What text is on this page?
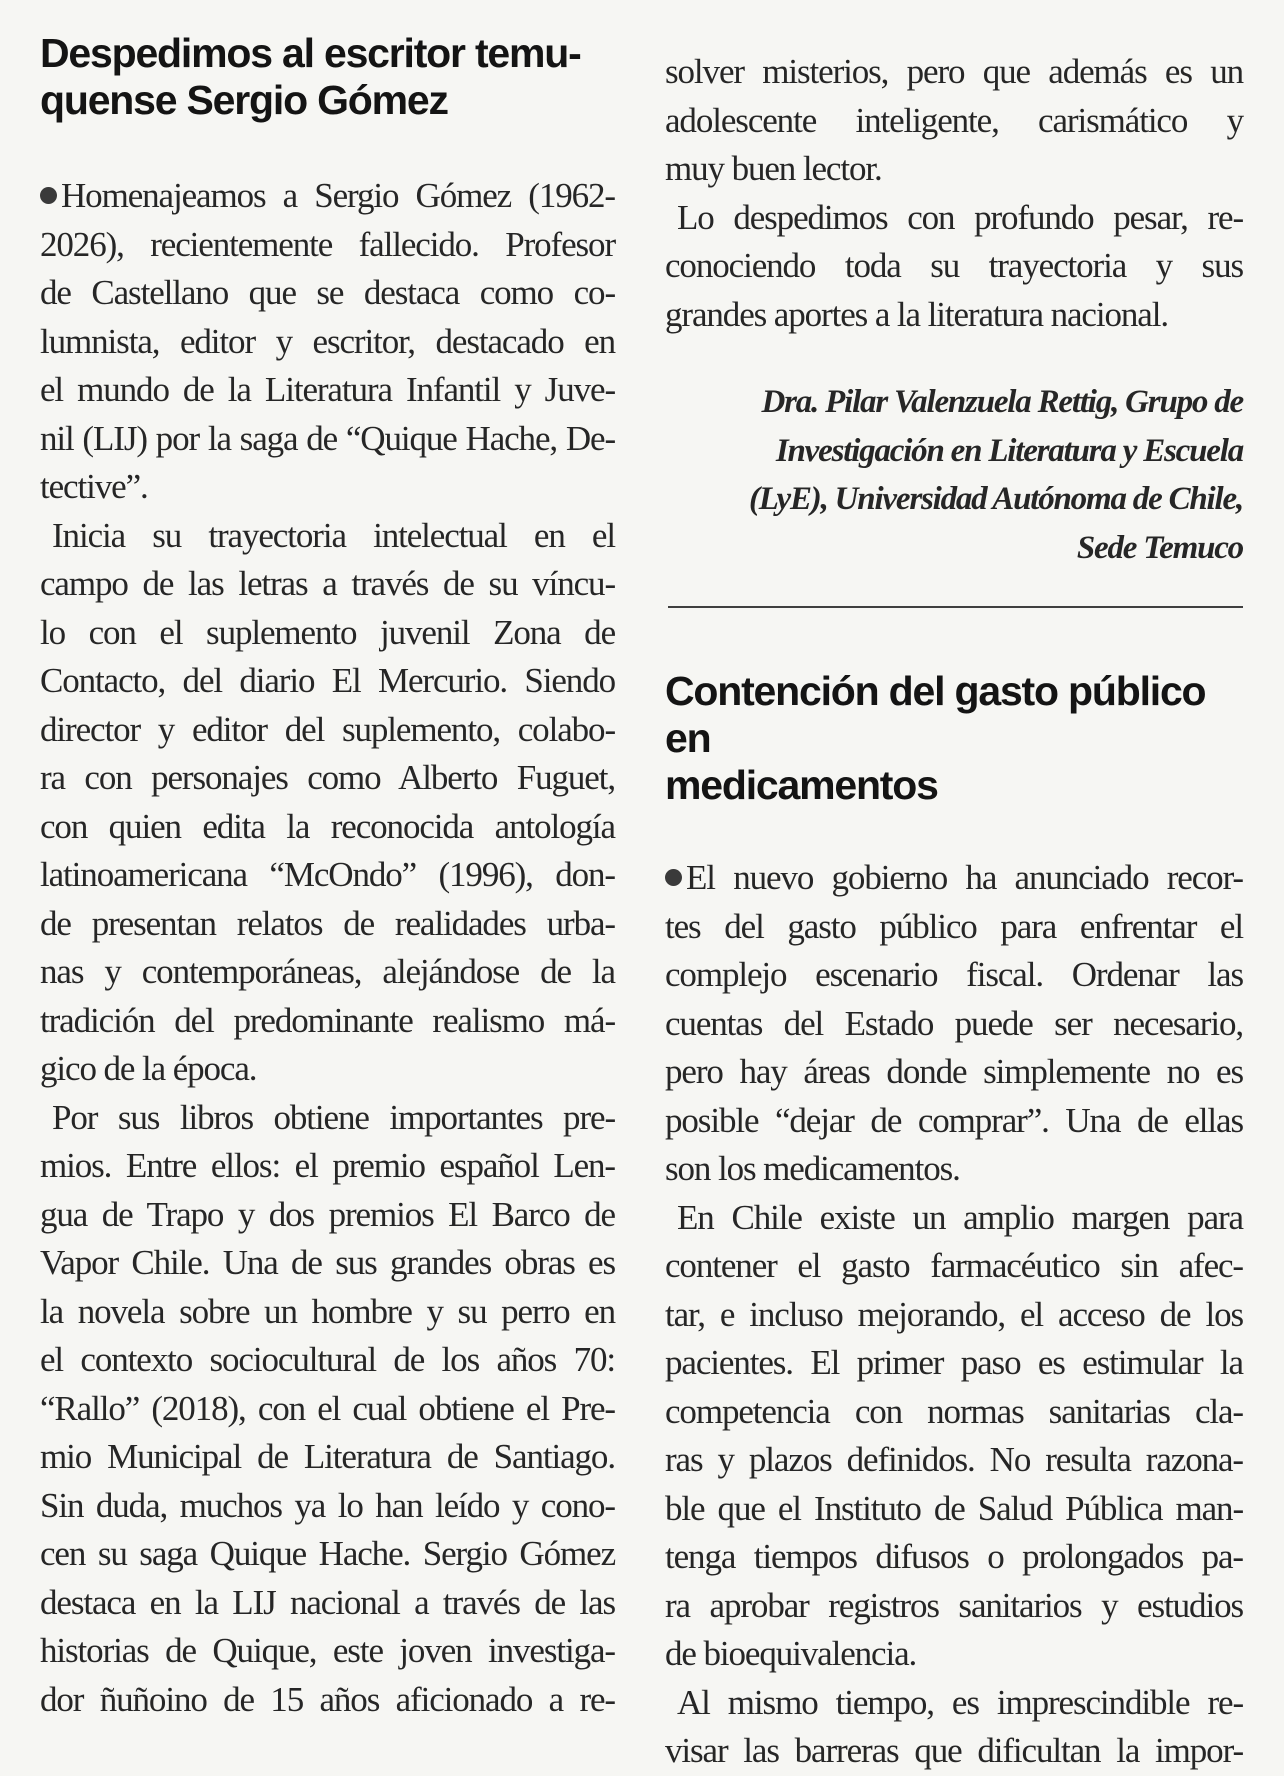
Despedimos al escritor temu-
quense Sergio Gómez
Homenajeamos a Sergio Gómez (1962-
2026), recientemente fallecido. Profesor
de Castellano que se destaca como co-
lumnista, editor y escritor, destacado en
el mundo de la Literatura Infantil y Juve-
nil (LIJ) por la saga de “Quique Hache, De-
tective”.
Inicia su trayectoria intelectual en el
campo de las letras a través de su víncu-
lo con el suplemento juvenil Zona de
Contacto, del diario El Mercurio. Siendo
director y editor del suplemento, colabo-
ra con personajes como Alberto Fuguet,
con quien edita la reconocida antología
latinoamericana “McOndo” (1996), don-
de presentan relatos de realidades urba-
nas y contemporáneas, alejándose de la
tradición del predominante realismo má-
gico de la época.
Por sus libros obtiene importantes pre-
mios. Entre ellos: el premio español Len-
gua de Trapo y dos premios El Barco de
Vapor Chile. Una de sus grandes obras es
la novela sobre un hombre y su perro en
el contexto sociocultural de los años 70:
“Rallo” (2018), con el cual obtiene el Pre-
mio Municipal de Literatura de Santiago.
Sin duda, muchos ya lo han leído y cono-
cen su saga Quique Hache. Sergio Gómez
destaca en la LIJ nacional a través de las
historias de Quique, este joven investiga-
dor ñuñoino de 15 años aficionado a re-
solver misterios, pero que además es un
adolescente inteligente, carismático y
muy buen lector.
Lo despedimos con profundo pesar, re-
conociendo toda su trayectoria y sus
grandes aportes a la literatura nacional.
Contención del gasto público en
medicamentos
El nuevo gobierno ha anunciado recor-
tes del gasto público para enfrentar el
complejo escenario fiscal. Ordenar las
cuentas del Estado puede ser necesario,
pero hay áreas donde simplemente no es
posible “dejar de comprar”. Una de ellas
son los medicamentos.
En Chile existe un amplio margen para
contener el gasto farmacéutico sin afec-
tar, e incluso mejorando, el acceso de los
pacientes. El primer paso es estimular la
competencia con normas sanitarias cla-
ras y plazos definidos. No resulta razona-
ble que el Instituto de Salud Pública man-
tenga tiempos difusos o prolongados pa-
ra aprobar registros sanitarios y estudios
de bioequivalencia.
Al mismo tiempo, es imprescindible re-
visar las barreras que dificultan la impor-
Dra. Pilar Valenzuela Rettig, Grupo de
Investigación en Literatura y Escuela
(LyE), Universidad Autónoma de Chile,
Sede Temuco
